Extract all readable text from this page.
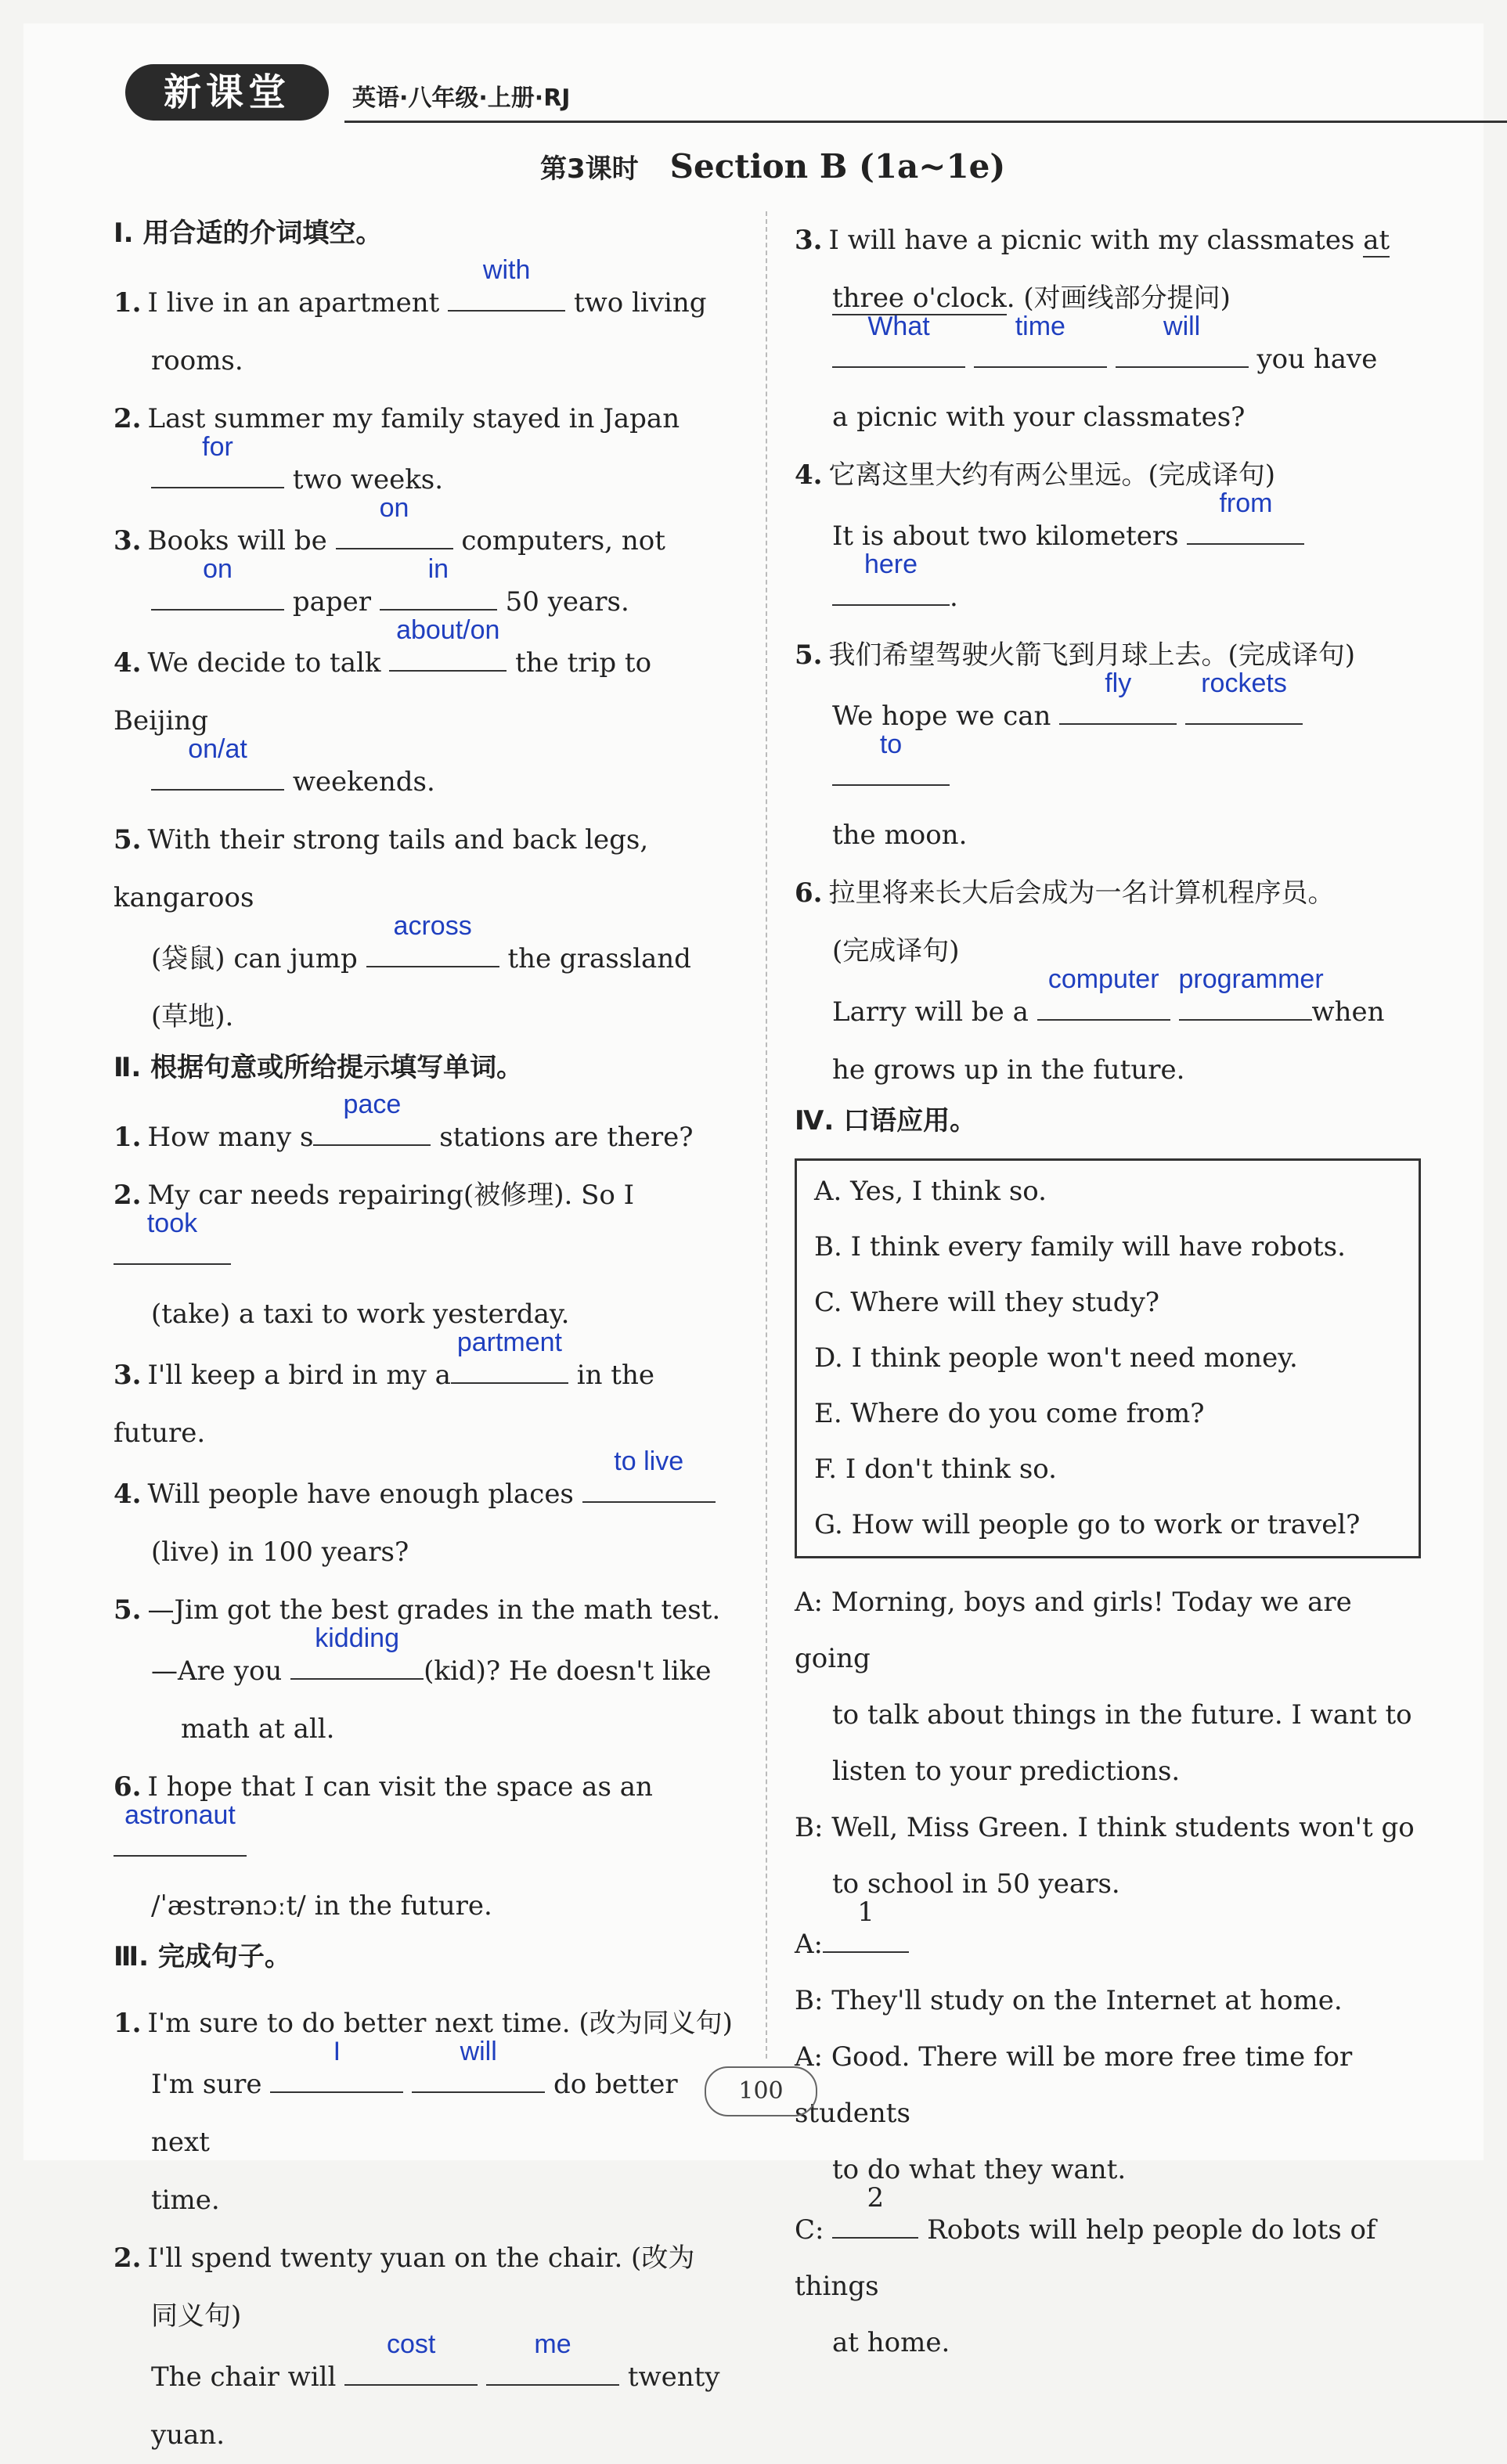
新课堂	英语·八年级·上册·RJ
第3课时 Section B (1a~1e)
Ⅰ. 用合适的介词填空。
1. I live in an apartment
with
two living
rooms.
2. Last summer my family stayed in Japan
for
two weeks.
3. Books will be
on
computers, not
on
paper
in
50 years.
4. We decide to talk
about/on
the trip to Beijing
on/at
weekends.
5. With their strong tails and back legs, kangaroos
(袋鼠) can jump
across
the grassland
(草地).
Ⅱ. 根据句意或所给提示填写单词。
1. How many s
pace
stations are there?
2. My car needs repairing(被修理). So I
took
(take) a taxi to work yesterday.
3. I'll keep a bird in my a
partment
in the future.
4. Will people have enough places
to live
(live) in 100 years?
5. —Jim got the best grades in the math test.
—Are you
kidding
(kid)? He doesn't like
math at all.
6. I hope that I can visit the space as an
astronaut
/ˈæstrənɔːt/ in the future.
Ⅲ. 完成句子。
1. I'm sure to do better next time. (改为同义句)
I'm sure
I
	will
do better next
time.
2. I'll spend twenty yuan on the chair. (改为
同义句)
The chair will
cost
	me
twenty
yuan.
3. I will have a picnic with my classmates at
three o'clock. (对画线部分提问)
What
	time
	will
you have
a picnic with your classmates?
4. 它离这里大约有两公里远。(完成译句)
It is about two kilometers
from

here
.
5. 我们希望驾驶火箭飞到月球上去。(完成译句)
We hope we can
fly
	rockets

to
the moon.
6. 拉里将来长大后会成为一名计算机程序员。
(完成译句)
Larry will be a
computer
programmer
when
he grows up in the future.
Ⅳ. 口语应用。
A. Yes, I think so.
B. I think every family will have robots.
C. Where will they study?
D. I think people won't need money.
E. Where do you come from?
F. I don't think so.
G. How will people go to work or travel?
A: Morning, boys and girls! Today we are going
to talk about things in the future. I want to
listen to your predictions.
B: Well, Miss Green. I think students won't go
to school in 50 years.
A:
1
B: They'll study on the Internet at home.
A: Good. There will be more free time for students
to do what they want.
C:
2
Robots will help people do lots of things
at home.
100
